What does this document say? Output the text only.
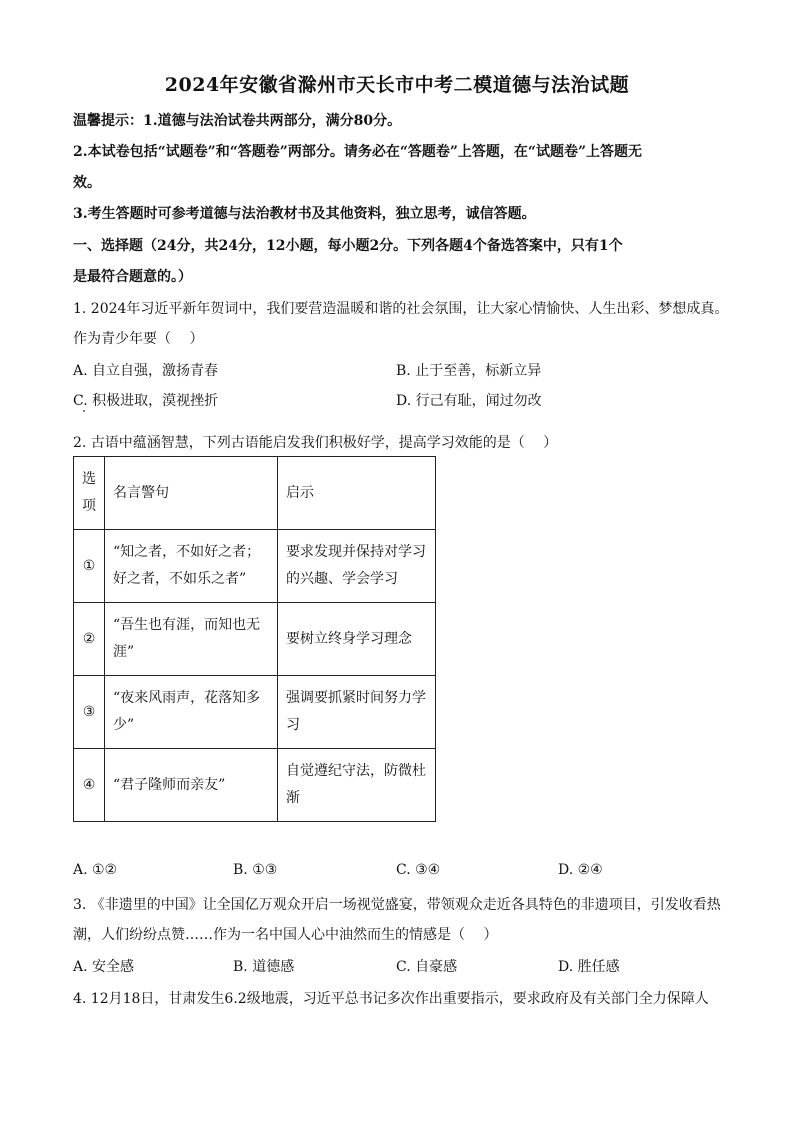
2024年安徽省滁州市天长市中考二模道德与法治试题
温馨提示：1.道德与法治试卷共两部分，满分80分。
2.本试卷包括“试题卷”和“答题卷”两部分。请务必在“答题卷”上答题，在“试题卷”上答题无
效。
3.考生答题时可参考道德与法治教材书及其他资料，独立思考，诚信答题。
一、选择题（24分，共24分，12小题，每小题2分。下列各题4个备选答案中，只有1个
是最符合题意的。）
1. 2024年习近平新年贺词中，我们要营造温暖和谐的社会氛围，让大家心情愉快、人生出彩、梦想成真。
作为青少年要（　 ）
A. 自立自强，激扬青春	B. 止于至善，标新立异
C. 积极进取，漠视挫折	D. 行己有耻，闻过勿改
2. 古语中蕴涵智慧，下列古语能启发我们积极好学，提高学习效能的是（　 ）
选项	名言警句	启示
①	“知之者，不如好之者；好之者，不如乐之者”	要求发现并保持对学习的兴趣、学会学习
②	“吾生也有涯，而知也无涯”	要树立终身学习理念
③	“夜来风雨声，花落知多少”	强调要抓紧时间努力学习
④	“君子隆师而亲友”	自觉遵纪守法，防微杜渐
A. ①②	B. ①③	C. ③④	D. ②④
3. 《非遗里的中国》让全国亿万观众开启一场视觉盛宴，带领观众走近各具特色的非遗项目，引发收看热
潮，人们纷纷点赞……作为一名中国人心中油然而生的情感是（　 ）
A. 安全感	B. 道德感	C. 自豪感	D. 胜任感
4. 12月18日，甘肃发生6.2级地震，习近平总书记多次作出重要指示，要求政府及有关部门全力保障人
